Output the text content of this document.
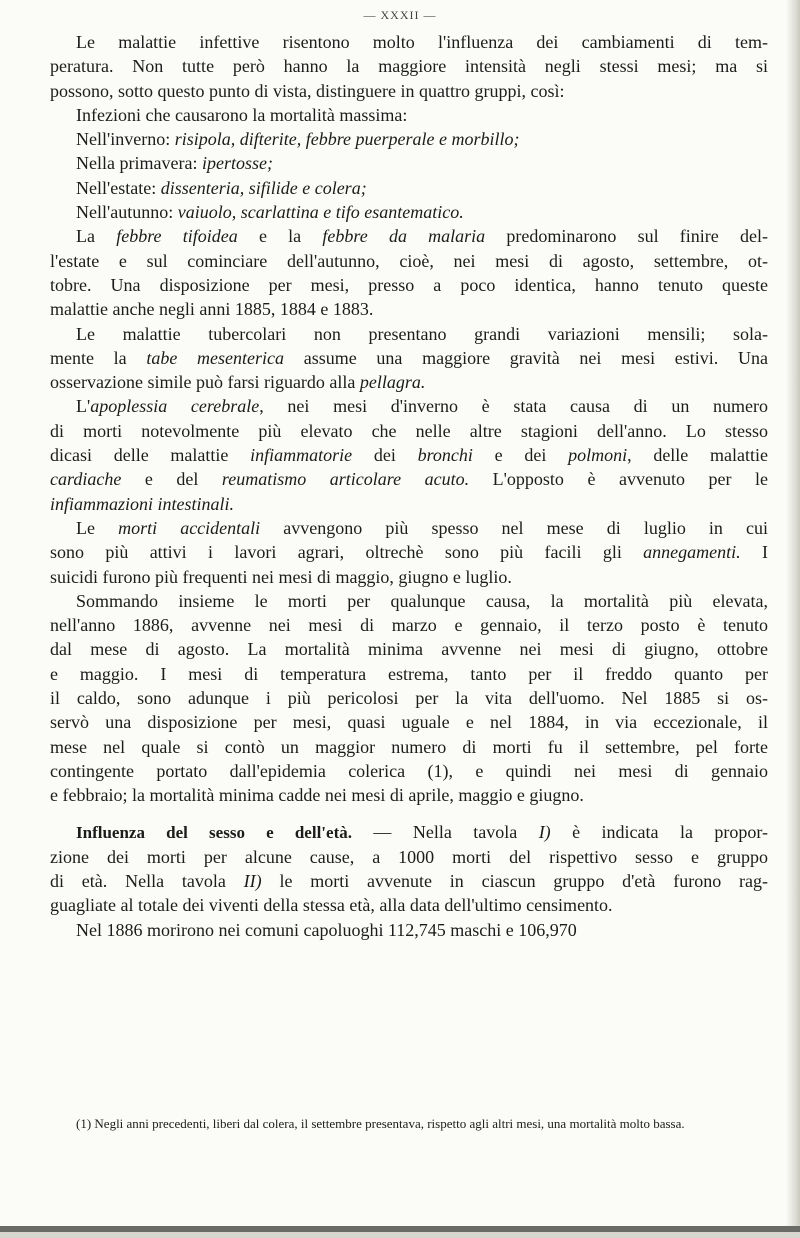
— XXXII —

Le malattie infettive risentono molto l'influenza dei cambiamenti di tem-

peratura. Non tutte però hanno la maggiore intensità negli stessi mesi; ma si

possono, sotto questo punto di vista, distinguere in quattro gruppi, così:

Infezioni che causarono la mortalità massima:

Nell'inverno: risipola, difterite, febbre puerperale e morbillo;

Nella primavera: ipertosse;

Nell'estate: dissenteria, sifilide e colera;

Nell'autunno: vaiuolo, scarlattina e tifo esantematico.

La febbre tifoidea e la febbre da malaria predominarono sul finire del-

l'estate e sul cominciare dell'autunno, cioè, nei mesi di agosto, settembre, ot-

tobre. Una disposizione per mesi, presso a poco identica, hanno tenuto queste

malattie anche negli anni 1885, 1884 e 1883.

Le malattie tubercolari non presentano grandi variazioni mensili; sola-

mente la tabe mesenterica assume una maggiore gravità nei mesi estivi. Una

osservazione simile può farsi riguardo alla pellagra.

L'apoplessia cerebrale, nei mesi d'inverno è stata causa di un numero

di morti notevolmente più elevato che nelle altre stagioni dell'anno. Lo stesso

dicasi delle malattie infiammatorie dei bronchi e dei polmoni, delle malattie

cardiache e del reumatismo articolare acuto. L'opposto è avvenuto per le

infiammazioni intestinali.

Le morti accidentali avvengono più spesso nel mese di luglio in cui

sono più attivi i lavori agrari, oltrechè sono più facili gli annegamenti. I

suicidi furono più frequenti nei mesi di maggio, giugno e luglio.

Sommando insieme le morti per qualunque causa, la mortalità più elevata,

nell'anno 1886, avvenne nei mesi di marzo e gennaio, il terzo posto è tenuto

dal mese di agosto. La mortalità minima avvenne nei mesi di giugno, ottobre

e maggio. I mesi di temperatura estrema, tanto per il freddo quanto per

il caldo, sono adunque i più pericolosi per la vita dell'uomo. Nel 1885 si os-

servò una disposizione per mesi, quasi uguale e nel 1884, in via eccezionale, il

mese nel quale si contò un maggior numero di morti fu il settembre, pel forte

contingente portato dall'epidemia colerica (1), e quindi nei mesi di gennaio

e febbraio; la mortalità minima cadde nei mesi di aprile, maggio e giugno.

Influenza del sesso e dell'età. — Nella tavola I) è indicata la propor-

zione dei morti per alcune cause, a 1000 morti del rispettivo sesso e gruppo

di età. Nella tavola II) le morti avvenute in ciascun gruppo d'età furono rag-

guagliate al totale dei viventi della stessa età, alla data dell'ultimo censimento.

Nel 1886 morirono nei comuni capoluoghi 112,745 maschi e 106,970

(1) Negli anni precedenti, liberi dal colera, il settembre presentava, rispetto agli altri mesi, una mortalità molto bassa.
